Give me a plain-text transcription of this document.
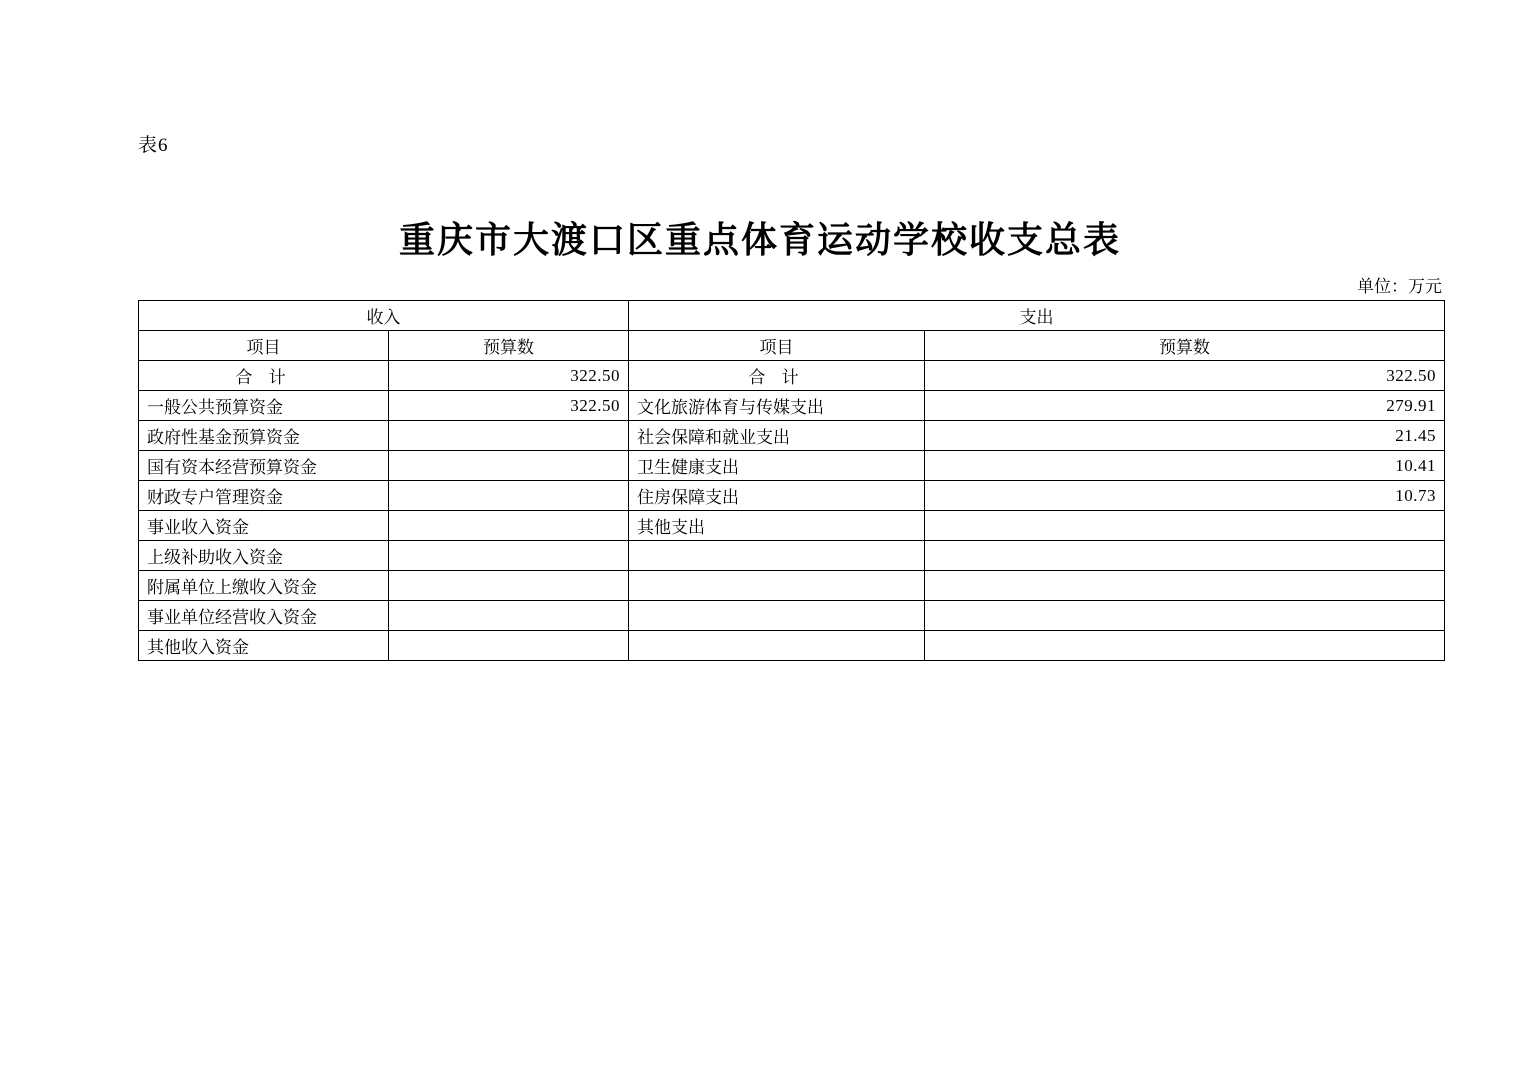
表6
重庆市大渡口区重点体育运动学校收支总表
单位：万元
收入		支出	
项目	预算数	项目	预算数
合 计	322.50	合 计	322.50
一般公共预算资金	322.50	文化旅游体育与传媒支出	279.91
政府性基金预算资金		社会保障和就业支出	21.45
国有资本经营预算资金		卫生健康支出	10.41
财政专户管理资金		住房保障支出	10.73
事业收入资金		其他支出	
上级补助收入资金			
附属单位上缴收入资金			
事业单位经营收入资金			
其他收入资金			
